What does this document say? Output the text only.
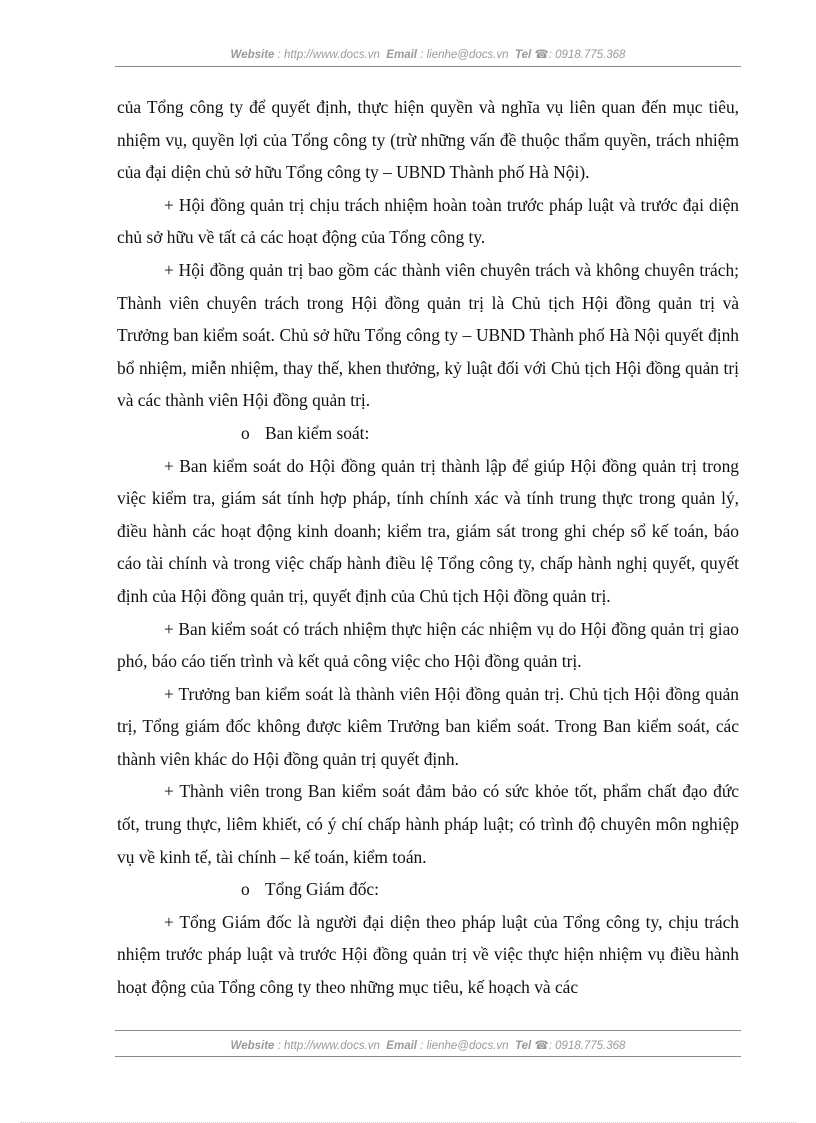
Website : http://www.docs.vn Email : lienhe@docs.vn Tel ☎: 0918.775.368

của Tổng công ty để quyết định, thực hiện quyền và nghĩa vụ liên quan đến mục tiêu, nhiệm vụ, quyền lợi của Tổng công ty (trừ những vấn đề thuộc thẩm quyền, trách nhiệm của đại diện chủ sở hữu Tổng công ty – UBND Thành phố Hà Nội).

+ Hội đồng quản trị chịu trách nhiệm hoàn toàn trước pháp luật và trước đại diện chủ sở hữu về tất cả các hoạt động của Tổng công ty.

+ Hội đồng quản trị bao gồm các thành viên chuyên trách và không chuyên trách; Thành viên chuyên trách trong Hội đồng quản trị là Chủ tịch Hội đồng quản trị và Trưởng ban kiểm soát. Chủ sở hữu Tổng công ty – UBND Thành phố Hà Nội quyết định bổ nhiệm, miễn nhiệm, thay thế, khen thưởng, kỷ luật đối với Chủ tịch Hội đồng quản trị và các thành viên Hội đồng quản trị.

o Ban kiểm soát:

+ Ban kiểm soát do Hội đồng quản trị thành lập để giúp Hội đồng quản trị trong việc kiểm tra, giám sát tính hợp pháp, tính chính xác và tính trung thực trong quản lý, điều hành các hoạt động kinh doanh; kiểm tra, giám sát trong ghi chép sổ kế toán, báo cáo tài chính và trong việc chấp hành điều lệ Tổng công ty, chấp hành nghị quyết, quyết định của Hội đồng quản trị, quyết định của Chủ tịch Hội đồng quản trị.

+ Ban kiểm soát có trách nhiệm thực hiện các nhiệm vụ do Hội đồng quản trị giao phó, báo cáo tiến trình và kết quả công việc cho Hội đồng quản trị.

+ Trưởng ban kiểm soát là thành viên Hội đồng quản trị. Chủ tịch Hội đồng quản trị, Tổng giám đốc không được kiêm Trưởng ban kiểm soát. Trong Ban kiểm soát, các thành viên khác do Hội đồng quản trị quyết định.

+ Thành viên trong Ban kiểm soát đảm bảo có sức khỏe tốt, phẩm chất đạo đức tốt, trung thực, liêm khiết, có ý chí chấp hành pháp luật; có trình độ chuyên môn nghiệp vụ về kinh tế, tài chính – kế toán, kiểm toán.

o Tổng Giám đốc:

+ Tổng Giám đốc là người đại diện theo pháp luật của Tổng công ty, chịu trách nhiệm trước pháp luật và trước Hội đồng quản trị về việc thực hiện nhiệm vụ điều hành hoạt động của Tổng công ty theo những mục tiêu, kế hoạch và các

Website : http://www.docs.vn Email : lienhe@docs.vn Tel ☎: 0918.775.368
